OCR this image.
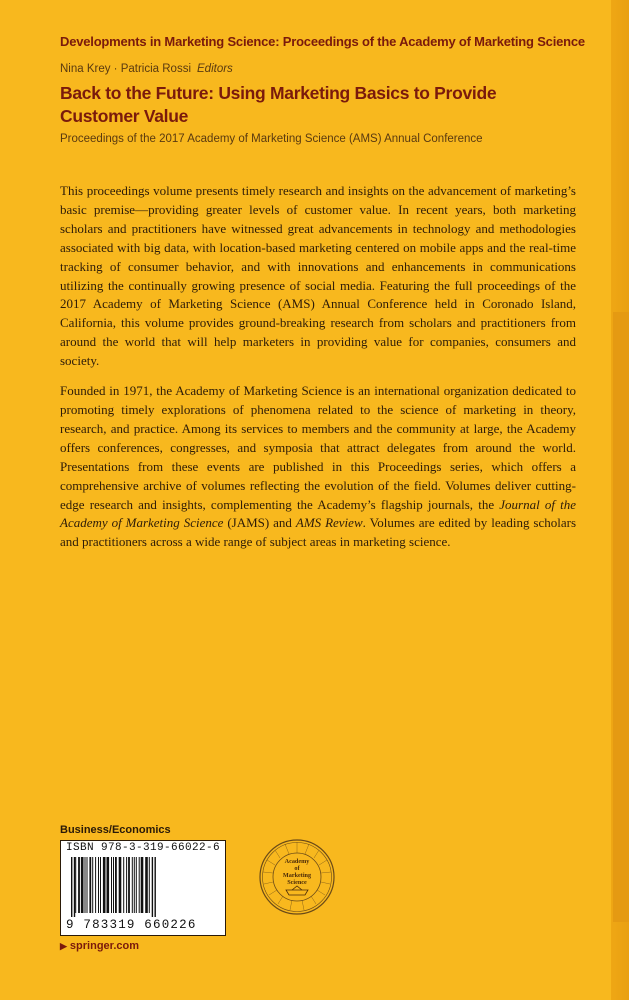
Developments in Marketing Science: Proceedings of the Academy of Marketing Science
Nina Krey · Patricia Rossi Editors
Back to the Future: Using Marketing Basics to Provide Customer Value
Proceedings of the 2017 Academy of Marketing Science (AMS) Annual Conference

This proceedings volume presents timely research and insights on the advancement of marketing’s basic premise—providing greater levels of customer value. In recent years, both marketing scholars and practitioners have witnessed great advancements in technology and methodologies associated with big data, with location-based marketing centered on mobile apps and the real-time tracking of consumer behavior, and with innovations and enhancements in communications utilizing the continually growing presence of social media. Featuring the full proceedings of the 2017 Academy of Marketing Science (AMS) Annual Conference held in Coronado Island, California, this volume provides ground-breaking research from scholars and practitioners from around the world that will help marketers in providing value for companies, consumers and society.

Founded in 1971, the Academy of Marketing Science is an international organization dedicated to promoting timely explorations of phenomena related to the science of marketing in theory, research, and practice. Among its services to members and the community at large, the Academy offers conferences, congresses, and symposia that attract delegates from around the world. Presentations from these events are published in this Proceedings series, which offers a comprehensive archive of volumes reflecting the evolution of the field. Volumes deliver cutting-edge research and insights, complementing the Academy’s flagship journals, the Journal of the Academy of Marketing Science (JAMS) and AMS Review. Volumes are edited by leading scholars and practitioners across a wide range of subject areas in marketing science.

Business/Economics
ISBN 978-3-319-66022-6
9 783319 660226
Academy
of
Marketing
Science
▶ springer.com
